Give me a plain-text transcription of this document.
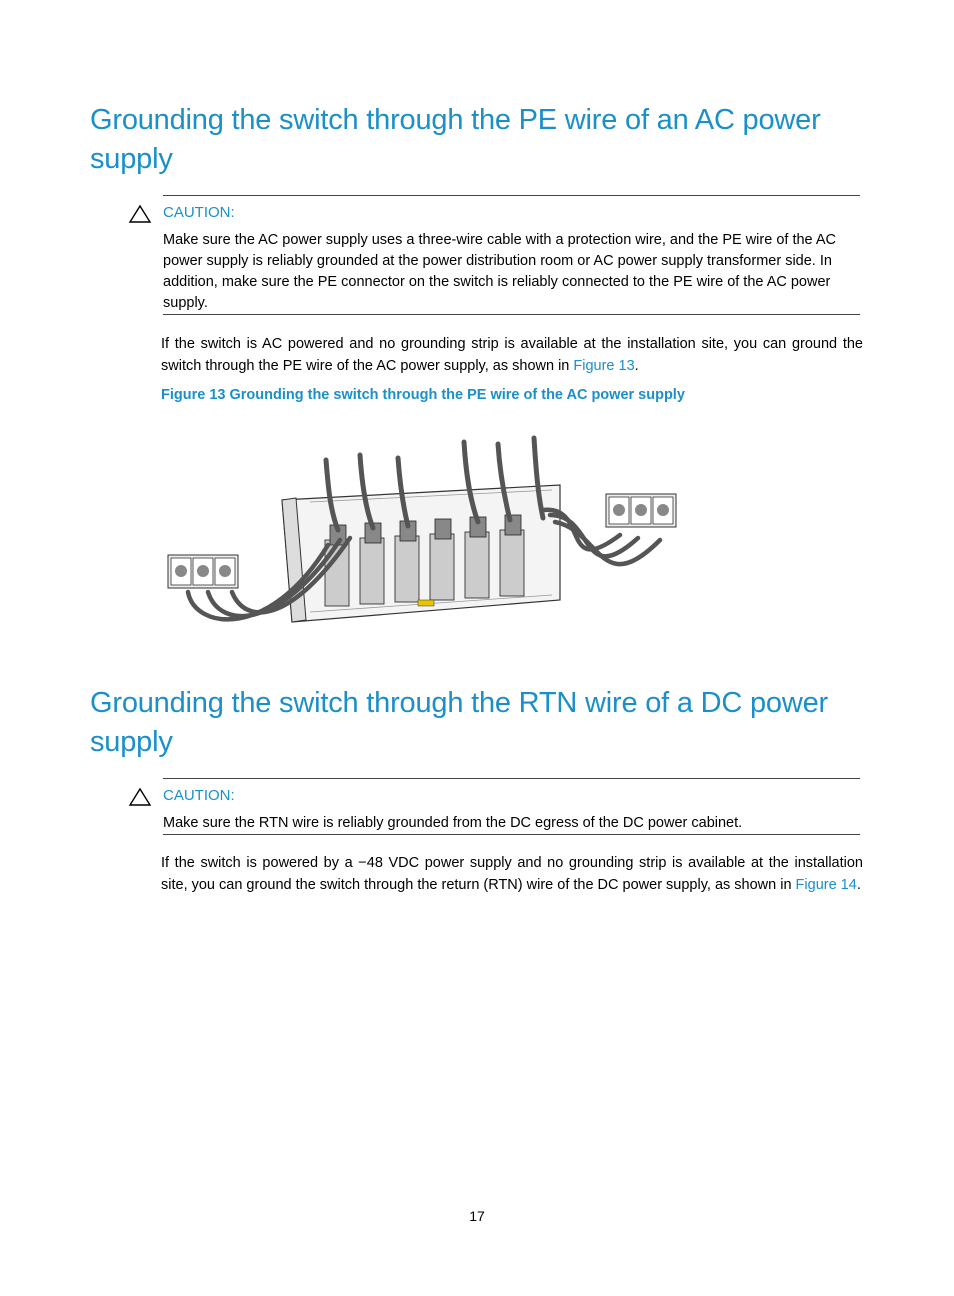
Grounding the switch through the PE wire of an AC power supply
CAUTION:

Make sure the AC power supply uses a three-wire cable with a protection wire, and the PE wire of the AC power supply is reliably grounded at the power distribution room or AC power supply transformer side. In addition, make sure the PE connector on the switch is reliably connected to the PE wire of the AC power supply.

If the switch is AC powered and no grounding strip is available at the installation site, you can ground the switch through the PE wire of the AC power supply, as shown in Figure 13.

Figure 13 Grounding the switch through the PE wire of the AC power supply

Grounding the switch through the RTN wire of a DC power supply
CAUTION:

Make sure the RTN wire is reliably grounded from the DC egress of the DC power cabinet.

If the switch is powered by a −48 VDC power supply and no grounding strip is available at the installation site, you can ground the switch through the return (RTN) wire of the DC power supply, as shown in Figure 14.

17
